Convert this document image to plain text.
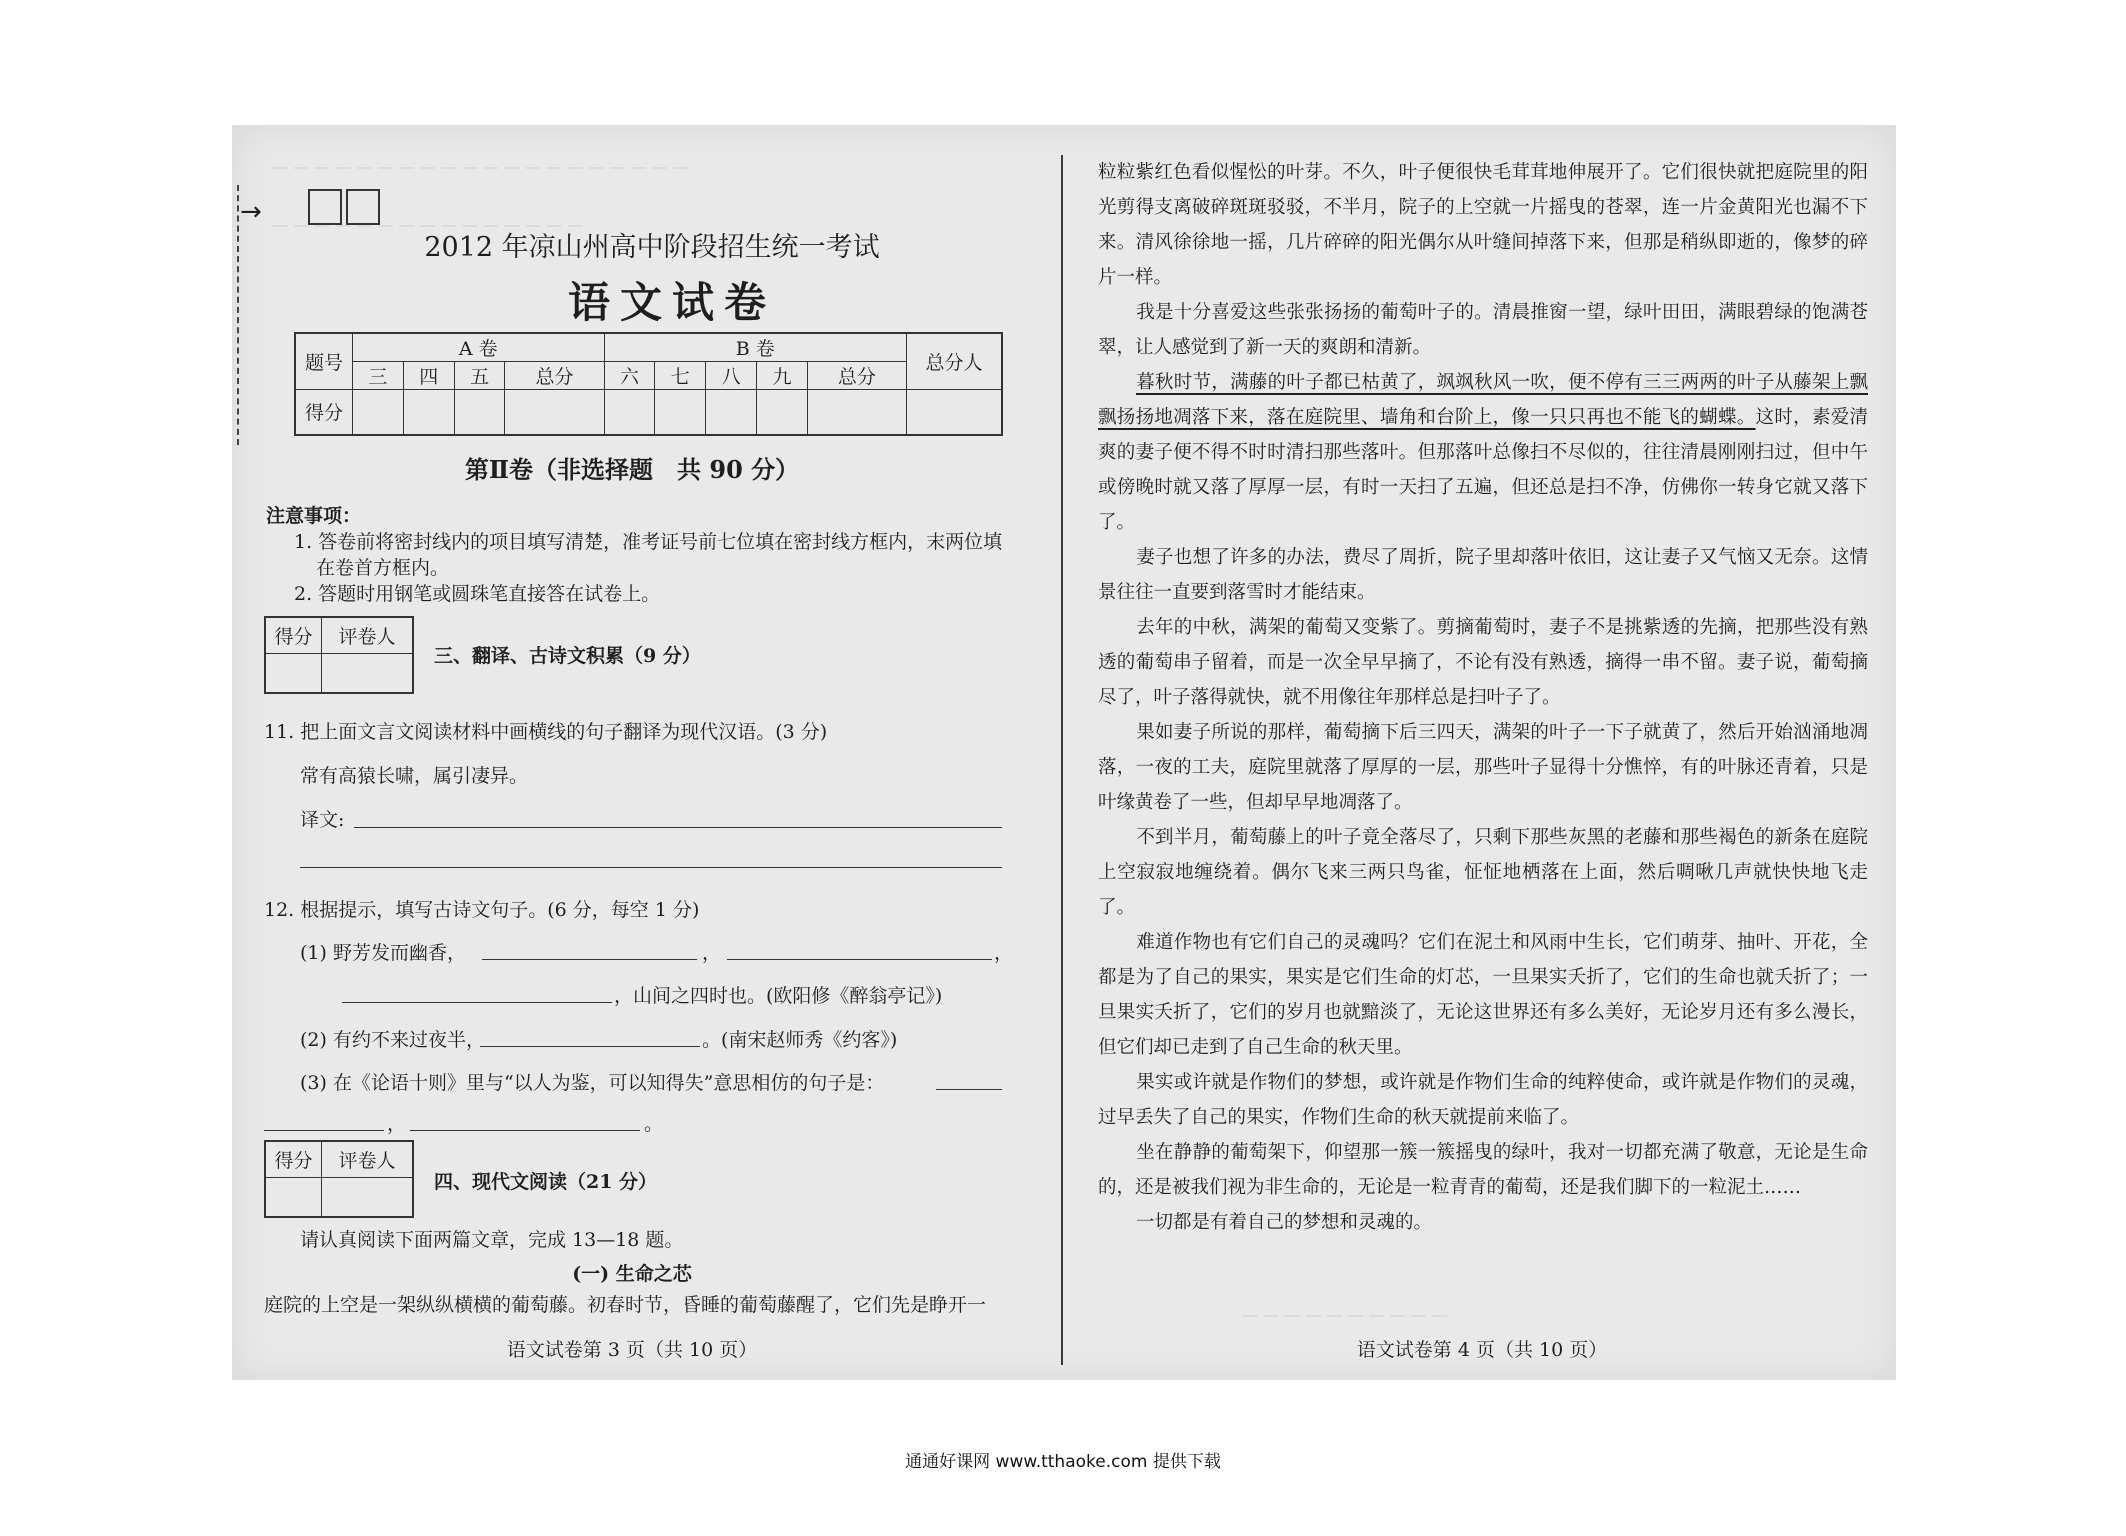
— — — — — — — — — — — — — — — — — — — —
— — — — — — — — — — — — — — —
— — — — — — — — — —
→
2012 年凉山州高中阶段招生统一考试
语文试卷
题号	A 卷				B 卷					总分人
	三	四	五	总分	六	七	八	九	总分	
得分										
第Ⅱ卷（非选择题　共 90 分）
注意事项：
1. 答卷前将密封线内的项目填写清楚，准考证号前七位填在密封线方框内，末两位填
在卷首方框内。
2. 答题时用钢笔或圆珠笔直接答在试卷上。
得分	评卷人

三、翻译、古诗文积累（9 分）
11. 把上面文言文阅读材料中画横线的句子翻译为现代汉语。(3 分)
常有高猿长啸，属引凄异。
译文:
12. 根据提示，填写古诗文句子。(6 分，每空 1 分)
(1) 野芳发而幽香，	，	，
，山间之四时也。(欧阳修《醉翁亭记》)
(2) 有约不来过夜半，	。(南宋赵师秀《约客》)
(3) 在《论语十则》里与“以人为鉴，可以知得失”意思相仿的句子是：
，	。
得分	评卷人

四、现代文阅读（21 分）
请认真阅读下面两篇文章，完成 13—18 题。
(一) 生命之芯
庭院的上空是一架纵纵横横的葡萄藤。初春时节，昏睡的葡萄藤醒了，它们先是睁开一
语文试卷第 3 页（共 10 页）
粒粒紫红色看似惺忪的叶芽。不久，叶子便很快毛茸茸地伸展开了。它们很快就把庭院里的阳光剪得支离破碎斑斑驳驳，不半月，院子的上空就一片摇曳的苍翠，连一片金黄阳光也漏不下来。清风徐徐地一摇，几片碎碎的阳光偶尔从叶缝间掉落下来，但那是稍纵即逝的，像梦的碎片一样。
我是十分喜爱这些张张扬扬的葡萄叶子的。清晨推窗一望，绿叶田田，满眼碧绿的饱满苍翠，让人感觉到了新一天的爽朗和清新。
暮秋时节，满藤的叶子都已枯黄了，飒飒秋风一吹，便不停有三三两两的叶子从藤架上飘飘扬扬地凋落下来，落在庭院里、墙角和台阶上，像一只只再也不能飞的蝴蝶。这时，素爱清爽的妻子便不得不时时清扫那些落叶。但那落叶总像扫不尽似的，往往清晨刚刚扫过，但中午或傍晚时就又落了厚厚一层，有时一天扫了五遍，但还总是扫不净，仿佛你一转身它就又落下了。
妻子也想了许多的办法，费尽了周折，院子里却落叶依旧，这让妻子又气恼又无奈。这情景往往一直要到落雪时才能结束。
去年的中秋，满架的葡萄又变紫了。剪摘葡萄时，妻子不是挑紫透的先摘，把那些没有熟透的葡萄串子留着，而是一次全早早摘了，不论有没有熟透，摘得一串不留。妻子说，葡萄摘尽了，叶子落得就快，就不用像往年那样总是扫叶子了。
果如妻子所说的那样，葡萄摘下后三四天，满架的叶子一下子就黄了，然后开始汹涌地凋落，一夜的工夫，庭院里就落了厚厚的一层，那些叶子显得十分憔悴，有的叶脉还青着，只是叶缘黄卷了一些，但却早早地凋落了。
不到半月，葡萄藤上的叶子竟全落尽了，只剩下那些灰黑的老藤和那些褐色的新条在庭院上空寂寂地缠绕着。偶尔飞来三两只鸟雀，怔怔地栖落在上面，然后啁啾几声就快快地飞走了。
难道作物也有它们自己的灵魂吗？它们在泥土和风雨中生长，它们萌芽、抽叶、开花，全都是为了自己的果实，果实是它们生命的灯芯，一旦果实夭折了，它们的生命也就夭折了；一旦果实夭折了，它们的岁月也就黯淡了，无论这世界还有多么美好，无论岁月还有多么漫长，但它们却已走到了自己生命的秋天里。
果实或许就是作物们的梦想，或许就是作物们生命的纯粹使命，或许就是作物们的灵魂，过早丢失了自己的果实，作物们生命的秋天就提前来临了。
坐在静静的葡萄架下，仰望那一簇一簇摇曳的绿叶，我对一切都充满了敬意，无论是生命的，还是被我们视为非生命的，无论是一粒青青的葡萄，还是我们脚下的一粒泥土……
一切都是有着自己的梦想和灵魂的。
语文试卷第 4 页（共 10 页）
通通好课网 www.tthaoke.com 提供下载
